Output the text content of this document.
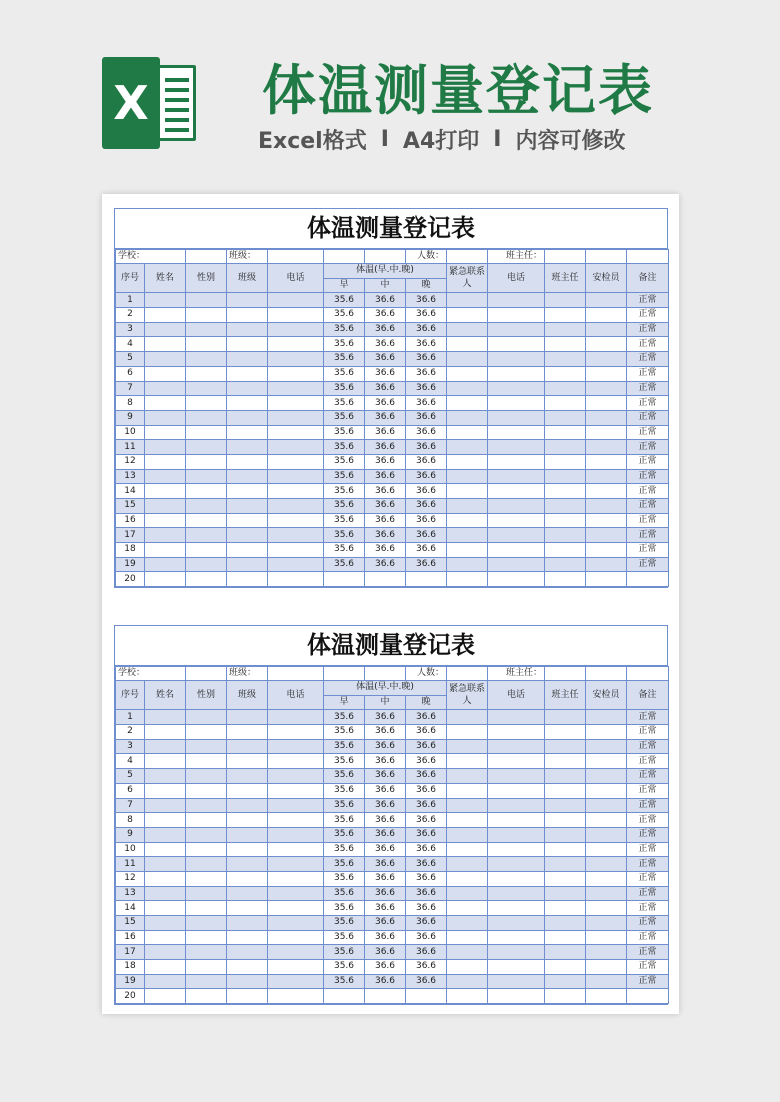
X 体温测量登记表
Excel格式 I A4打印 I 内容可修改
体温测量登记表
学校：			班级：				人数：		班主任：			
序号	姓名	性别	班级	电话	体温(早.中.晚)			紧急联系人	电话	班主任	安检员	备注
					早	中	晚					
1					35.6	36.6	36.6					正常
2					35.6	36.6	36.6					正常
3					35.6	36.6	36.6					正常
4					35.6	36.6	36.6					正常
5					35.6	36.6	36.6					正常
6					35.6	36.6	36.6					正常
7					35.6	36.6	36.6					正常
8					35.6	36.6	36.6					正常
9					35.6	36.6	36.6					正常
10					35.6	36.6	36.6					正常
11					35.6	36.6	36.6					正常
12					35.6	36.6	36.6					正常
13					35.6	36.6	36.6					正常
14					35.6	36.6	36.6					正常
15					35.6	36.6	36.6					正常
16					35.6	36.6	36.6					正常
17					35.6	36.6	36.6					正常
18					35.6	36.6	36.6					正常
19					35.6	36.6	36.6					正常
20												
体温测量登记表
学校：			班级：				人数：		班主任：			
序号	姓名	性别	班级	电话	体温(早.中.晚)			紧急联系人	电话	班主任	安检员	备注
					早	中	晚					
1					35.6	36.6	36.6					正常
2					35.6	36.6	36.6					正常
3					35.6	36.6	36.6					正常
4					35.6	36.6	36.6					正常
5					35.6	36.6	36.6					正常
6					35.6	36.6	36.6					正常
7					35.6	36.6	36.6					正常
8					35.6	36.6	36.6					正常
9					35.6	36.6	36.6					正常
10					35.6	36.6	36.6					正常
11					35.6	36.6	36.6					正常
12					35.6	36.6	36.6					正常
13					35.6	36.6	36.6					正常
14					35.6	36.6	36.6					正常
15					35.6	36.6	36.6					正常
16					35.6	36.6	36.6					正常
17					35.6	36.6	36.6					正常
18					35.6	36.6	36.6					正常
19					35.6	36.6	36.6					正常
20												
